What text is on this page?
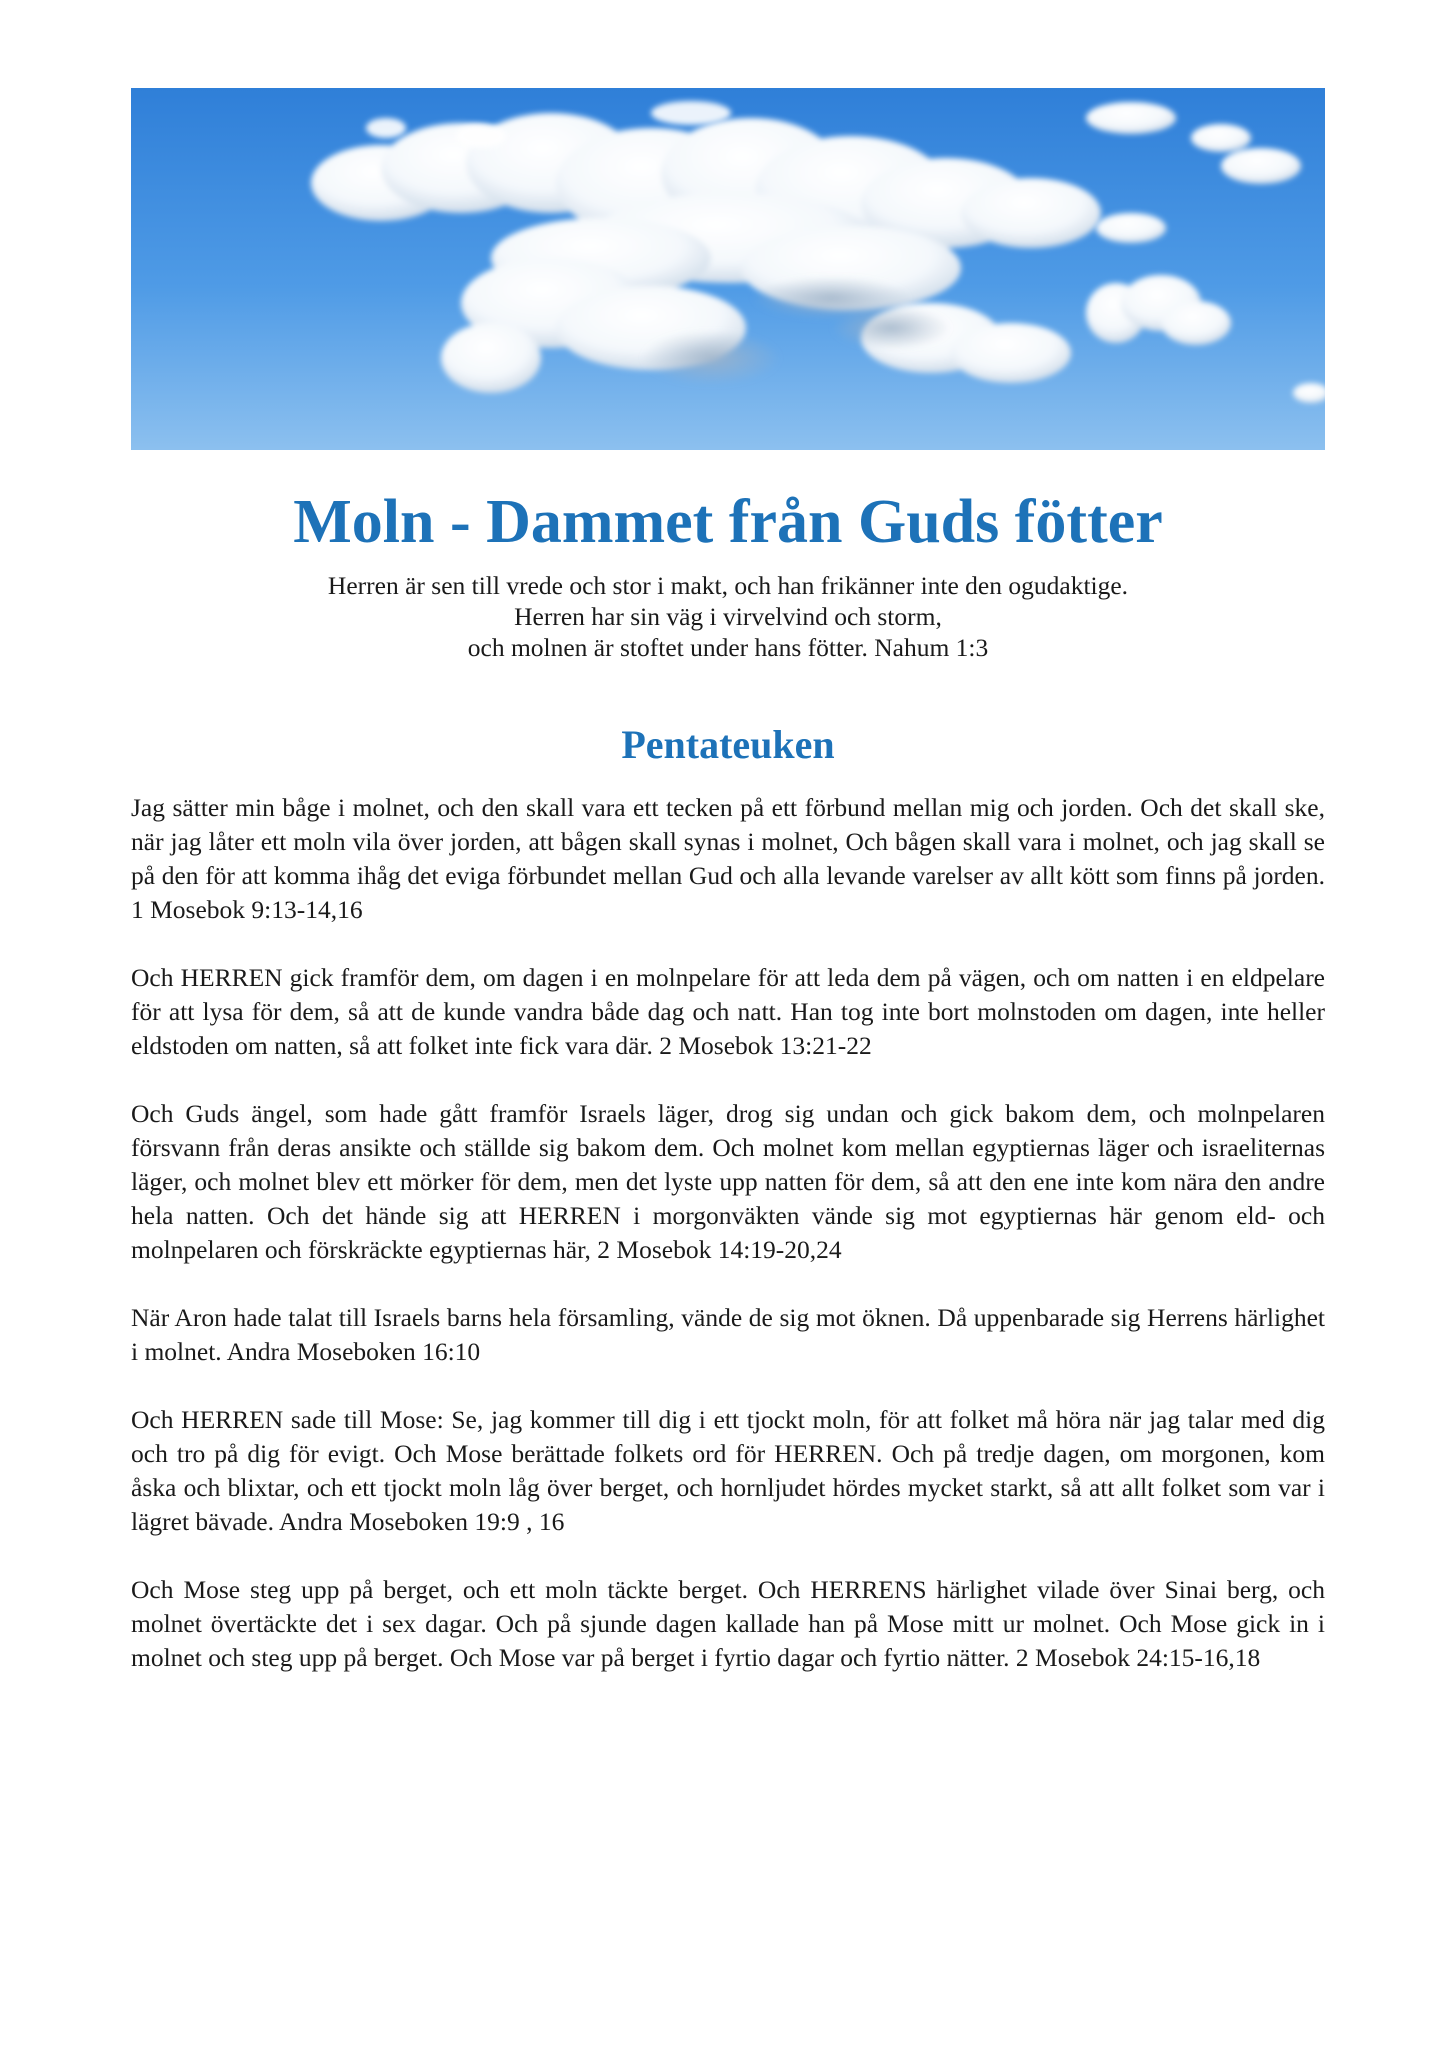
Moln - Dammet från Guds fötter
Herren är sen till vrede och stor i makt, och han frikänner inte den ogudaktige.
Herren har sin väg i virvelvind och storm,
och molnen är stoftet under hans fötter. Nahum 1:3
Pentateuken

Jag sätter min båge i molnet, och den skall vara ett tecken på ett förbund mellan mig och jorden. Och det skall ske, när jag låter ett moln vila över jorden, att bågen skall synas i molnet, Och bågen skall vara i molnet, och jag skall se på den för att komma ihåg det eviga förbundet mellan Gud och alla levande varelser av allt kött som finns på jorden. 1 Mosebok 9:13-14,16

Och HERREN gick framför dem, om dagen i en molnpelare för att leda dem på vägen, och om natten i en eldpelare för att lysa för dem, så att de kunde vandra både dag och natt. Han tog inte bort molnstoden om dagen, inte heller eldstoden om natten, så att folket inte fick vara där. 2 Mosebok 13:21-22

Och Guds ängel, som hade gått framför Israels läger, drog sig undan och gick bakom dem, och molnpelaren försvann från deras ansikte och ställde sig bakom dem. Och molnet kom mellan egyptiernas läger och israeliternas läger, och molnet blev ett mörker för dem, men det lyste upp natten för dem, så att den ene inte kom nära den andre hela natten. Och det hände sig att HERREN i morgonväkten vände sig mot egyptiernas här genom eld- och molnpelaren och förskräckte egyptiernas här, 2 Mosebok 14:19-20,24

När Aron hade talat till Israels barns hela församling, vände de sig mot öknen. Då uppenbarade sig Herrens härlighet i molnet. Andra Moseboken 16:10

Och HERREN sade till Mose: Se, jag kommer till dig i ett tjockt moln, för att folket må höra när jag talar med dig och tro på dig för evigt. Och Mose berättade folkets ord för HERREN. Och på tredje dagen, om morgonen, kom åska och blixtar, och ett tjockt moln låg över berget, och hornljudet hördes mycket starkt, så att allt folket som var i lägret bävade. Andra Moseboken 19:9 , 16

Och Mose steg upp på berget, och ett moln täckte berget. Och HERRENS härlighet vilade över Sinai berg, och molnet övertäckte det i sex dagar. Och på sjunde dagen kallade han på Mose mitt ur molnet. Och Mose gick in i molnet och steg upp på berget. Och Mose var på berget i fyrtio dagar och fyrtio nätter. 2 Mosebok 24:15-16,18
